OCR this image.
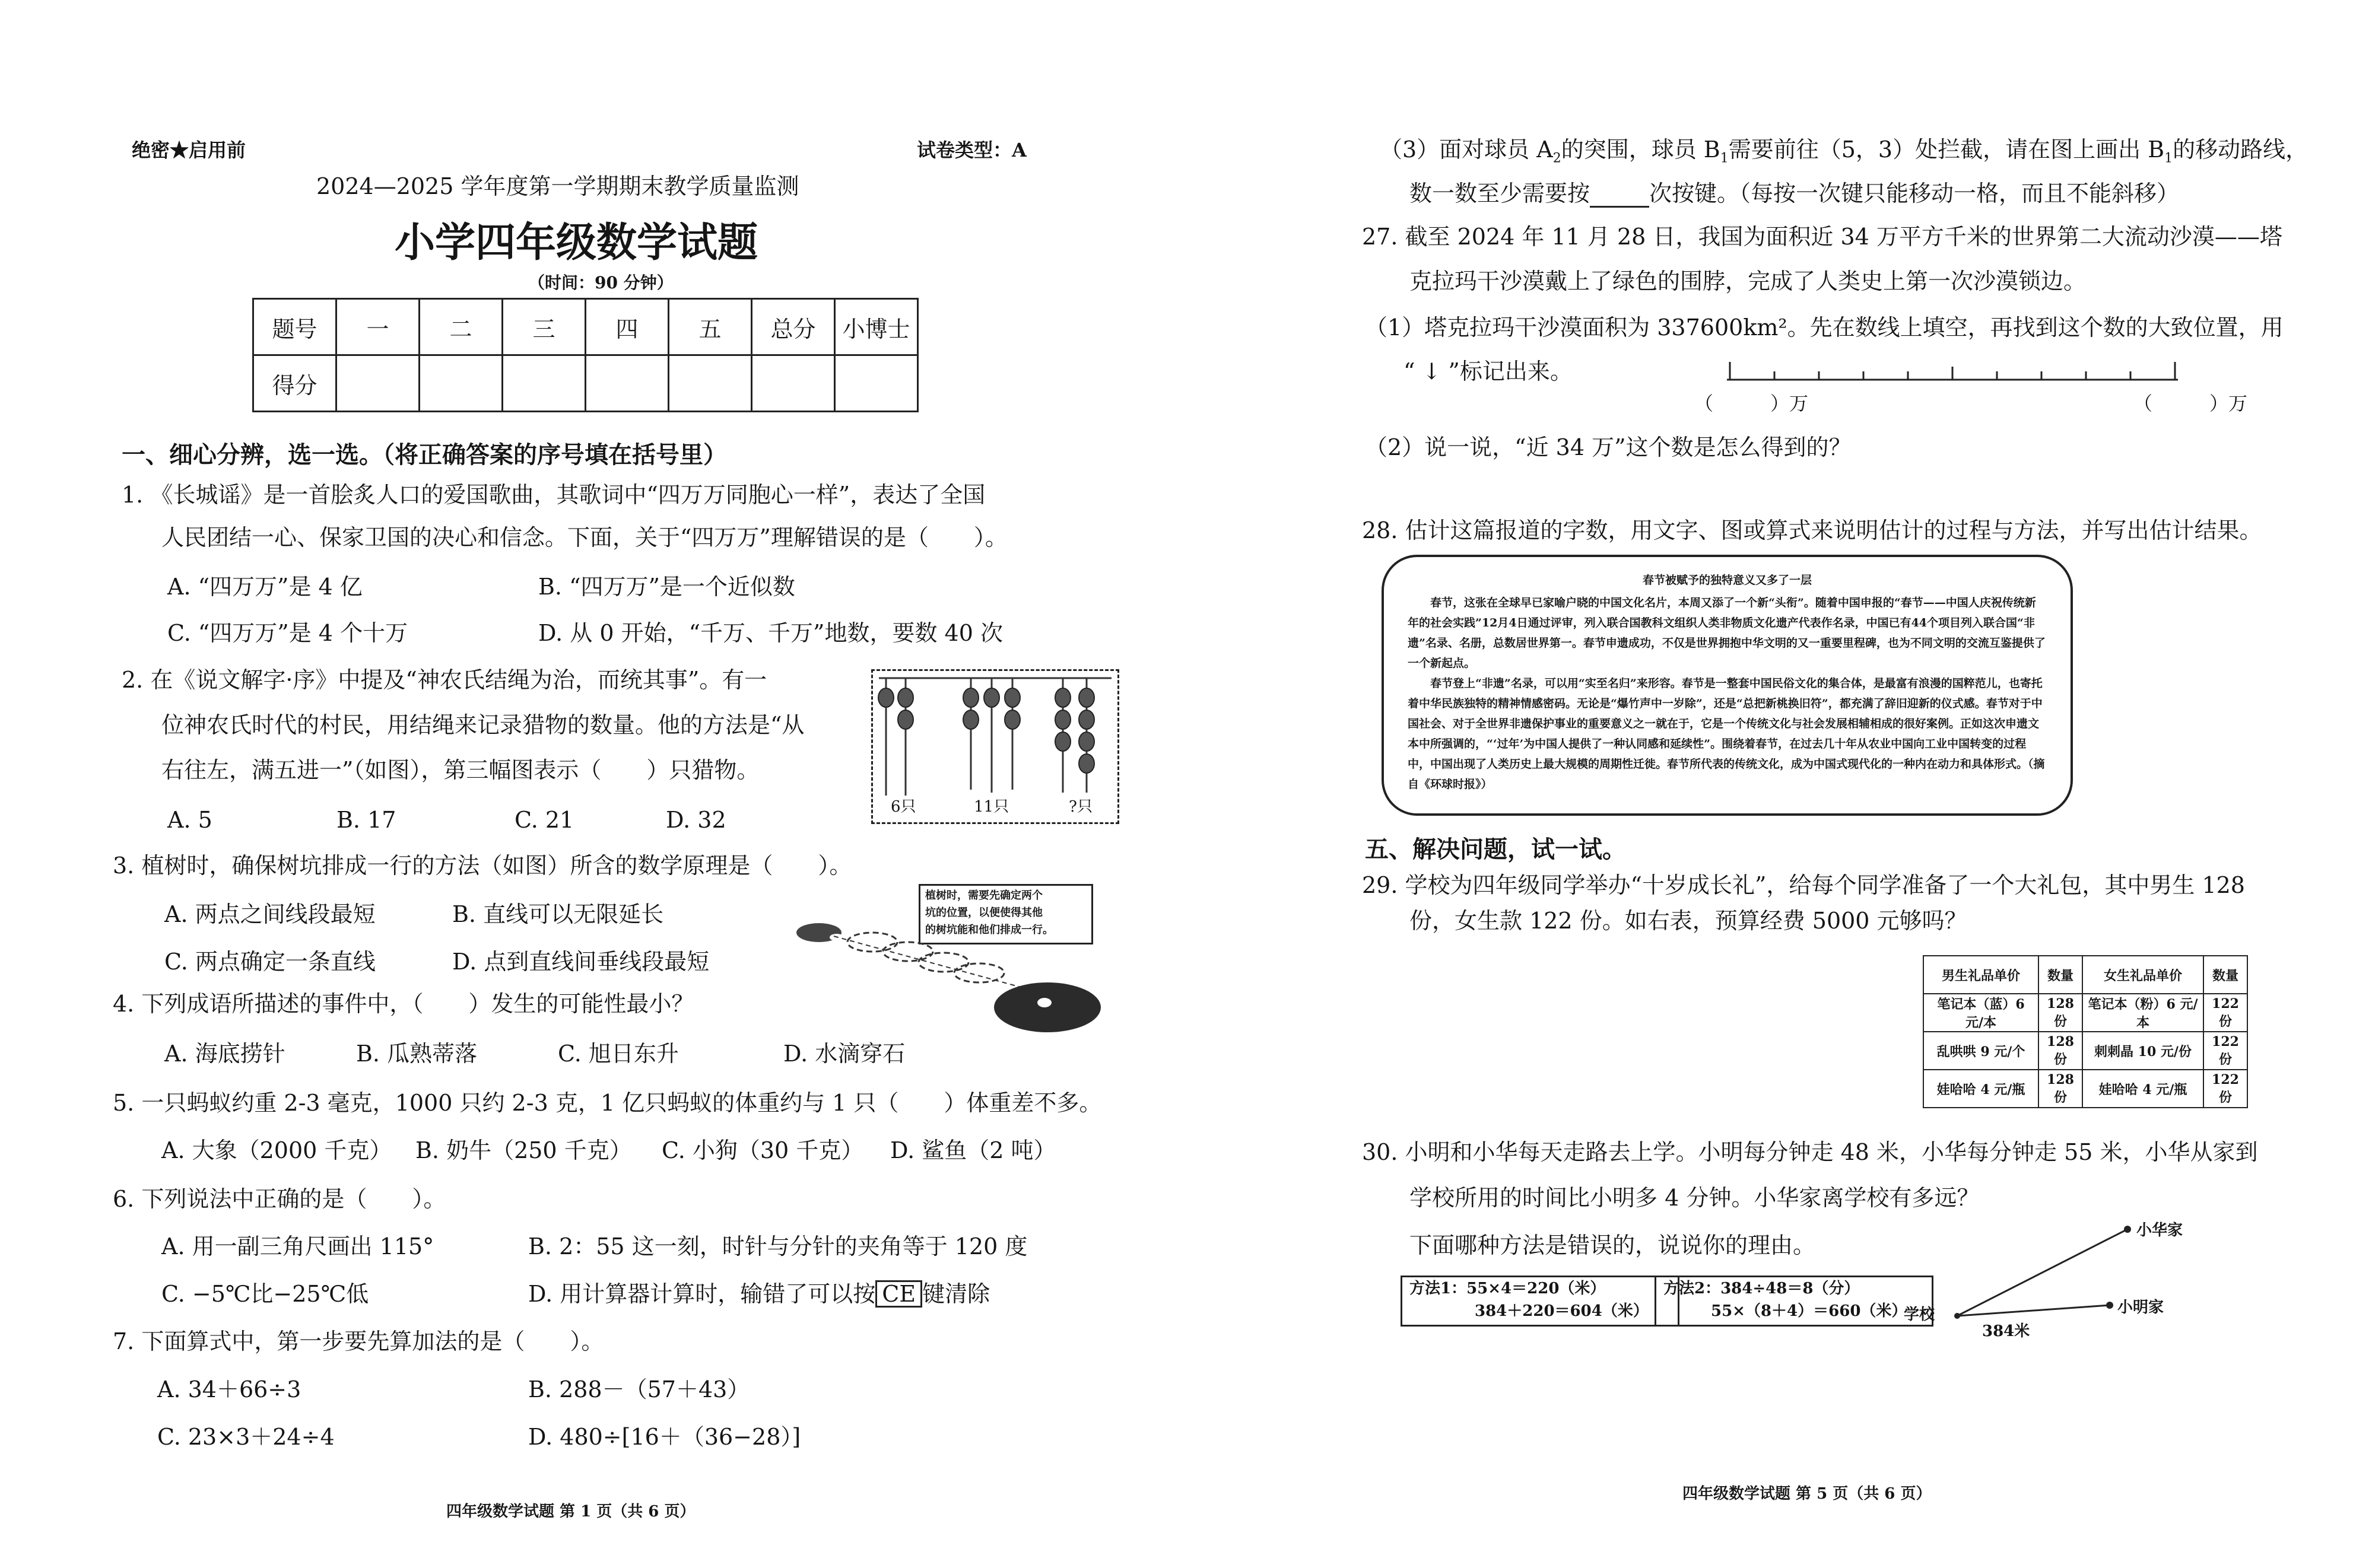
绝密★启用前	试卷类型：A
2024—2025 学年度第一学期期末教学质量监测
小学四年级数学试题
（时间：90 分钟）
题号	一	二	三	四	五	总分	小博士
得分							
一、细心分辨，选一选。（将正确答案的序号填在括号里）
1. 《长城谣》是一首脍炙人口的爱国歌曲，其歌词中“四万万同胞心一样”，表达了全国
人民团结一心、保家卫国的决心和信念。下面，关于“四万万”理解错误的是（　　）。
A. “四万万”是 4 亿	B. “四万万”是一个近似数
C. “四万万”是 4 个十万	D. 从 0 开始，“千万、千万”地数，要数 40 次
2. 在《说文解字·序》中提及“神农氏结绳为治，而统其事”。有一
位神农氏时代的村民，用结绳来记录猎物的数量。他的方法是“从
右往左，满五进一”（如图），第三幅图表示（　　）只猎物。
A. 5	B. 17	C. 21	D. 32	6只	11只	?只
3. 植树时，确保树坑排成一行的方法（如图）所含的数学原理是（　　）。
A. 两点之间线段最短	B. 直线可以无限延长
C. 两点确定一条直线	D. 点到直线间垂线段最短
植树时，需要先确定两个
坑的位置，以便使得其他
的树坑能和他们排成一行。
4. 下列成语所描述的事件中，（　　）发生的可能性最小？
A. 海底捞针	B. 瓜熟蒂落	C. 旭日东升	D. 水滴穿石
5. 一只蚂蚁约重 2-3 毫克，1000 只约 2-3 克，1 亿只蚂蚁的体重约与 1 只（　　）体重差不多。
A. 大象（2000 千克） B. 奶牛（250 千克） C. 小狗（30 千克） D. 鲨鱼（2 吨）
6. 下列说法中正确的是（　　）。
A. 用一副三角尺画出 115°	B. 2：55 这一刻，时针与分针的夹角等于 120 度
C. −5℃比−25℃低	D. 用计算器计算时，输错了可以按 CE 键清除
7. 下面算式中，第一步要先算加法的是（　　）。
A. 34＋66÷3	B. 288－（57＋43）
C. 23×3＋24÷4	D. 480÷[16＋（36−28）]
四年级数学试题 第 1 页（共 6 页）
（3）面对球员 $A_2$的突围，球员 $B_1$需要前往（5，3）处拦截，请在图上画出 $B_1$的移动路线，
数一数至少需要按	次按键。（每按一次键只能移动一格，而且不能斜移）
27. 截至 2024 年 11 月 28 日，我国为面积近 34 万平方千米的世界第二大流动沙漠——塔
克拉玛干沙漠戴上了绿色的围脖，完成了人类史上第一次沙漠锁边。
（1）塔克拉玛干沙漠面积为 337600km²。先在数线上填空，再找到这个数的大致位置，用
“ ↓ ”标记出来。
（　　　）万	（　　　）万
（2）说一说，“近 34 万”这个数是怎么得到的？
28. 估计这篇报道的字数，用文字、图或算式来说明估计的过程与方法，并写出估计结果。

春节被赋予的独特意义又多了一层

春节，这张在全球早已家喻户晓的中国文化名片，本周又添了一个新“头衔”。随着中国申报的“春节——中国人庆祝传统新年的社会实践”12月4日通过评审，列入联合国教科文组织人类非物质文化遗产代表作名录，中国已有44个项目列入联合国“非遗”名录、名册，总数居世界第一。春节申遗成功，不仅是世界拥抱中华文明的又一重要里程碑，也为不同文明的交流互鉴提供了一个新起点。

春节登上“非遗”名录，可以用“实至名归”来形容。春节是一整套中国民俗文化的集合体，是最富有浪漫的国粹范儿，也寄托着中华民族独特的精神情感密码。无论是“爆竹声中一岁除”，还是“总把新桃换旧符”，都充满了辞旧迎新的仪式感。春节对于中国社会、对于全世界非遗保护事业的重要意义之一就在于，它是一个传统文化与社会发展相辅相成的很好案例。正如这次申遗文本中所强调的，“‘过年’为中国人提供了一种认同感和延续性”。围绕着春节，在过去几十年从农业中国向工业中国转变的过程中，中国出现了人类历史上最大规模的周期性迁徙。春节所代表的传统文化，成为中国式现代化的一种内在动力和具体形式。（摘自《环球时报》）

五、解决问题，试一试。
29. 学校为四年级同学举办“十岁成长礼”，给每个同学准备了一个大礼包，其中男生 128
份，女生款 122 份。如右表，预算经费 5000 元够吗？
男生礼品单价	数量	女生礼品单价	数量
笔记本（蓝）6 元/本	128 份	笔记本（粉）6 元/本	122 份
乱哄哄 9 元/个	128 份	刺刺晶 10 元/份	122 份
娃哈哈 4 元/瓶	128 份	娃哈哈 4 元/瓶	122 份
30. 小明和小华每天走路去上学。小明每分钟走 48 米，小华每分钟走 55 米，小华从家到
学校所用的时间比小明多 4 分钟。小华家离学校有多远？
下面哪种方法是错误的，说说你的理由。
方法1：55×4＝220（米）
384＋220＝604（米）
方法2：384÷48＝8（分）
55×（8＋4）＝660（米）
学校
小华家
小明家
384米
四年级数学试题 第 5 页（共 6 页）
